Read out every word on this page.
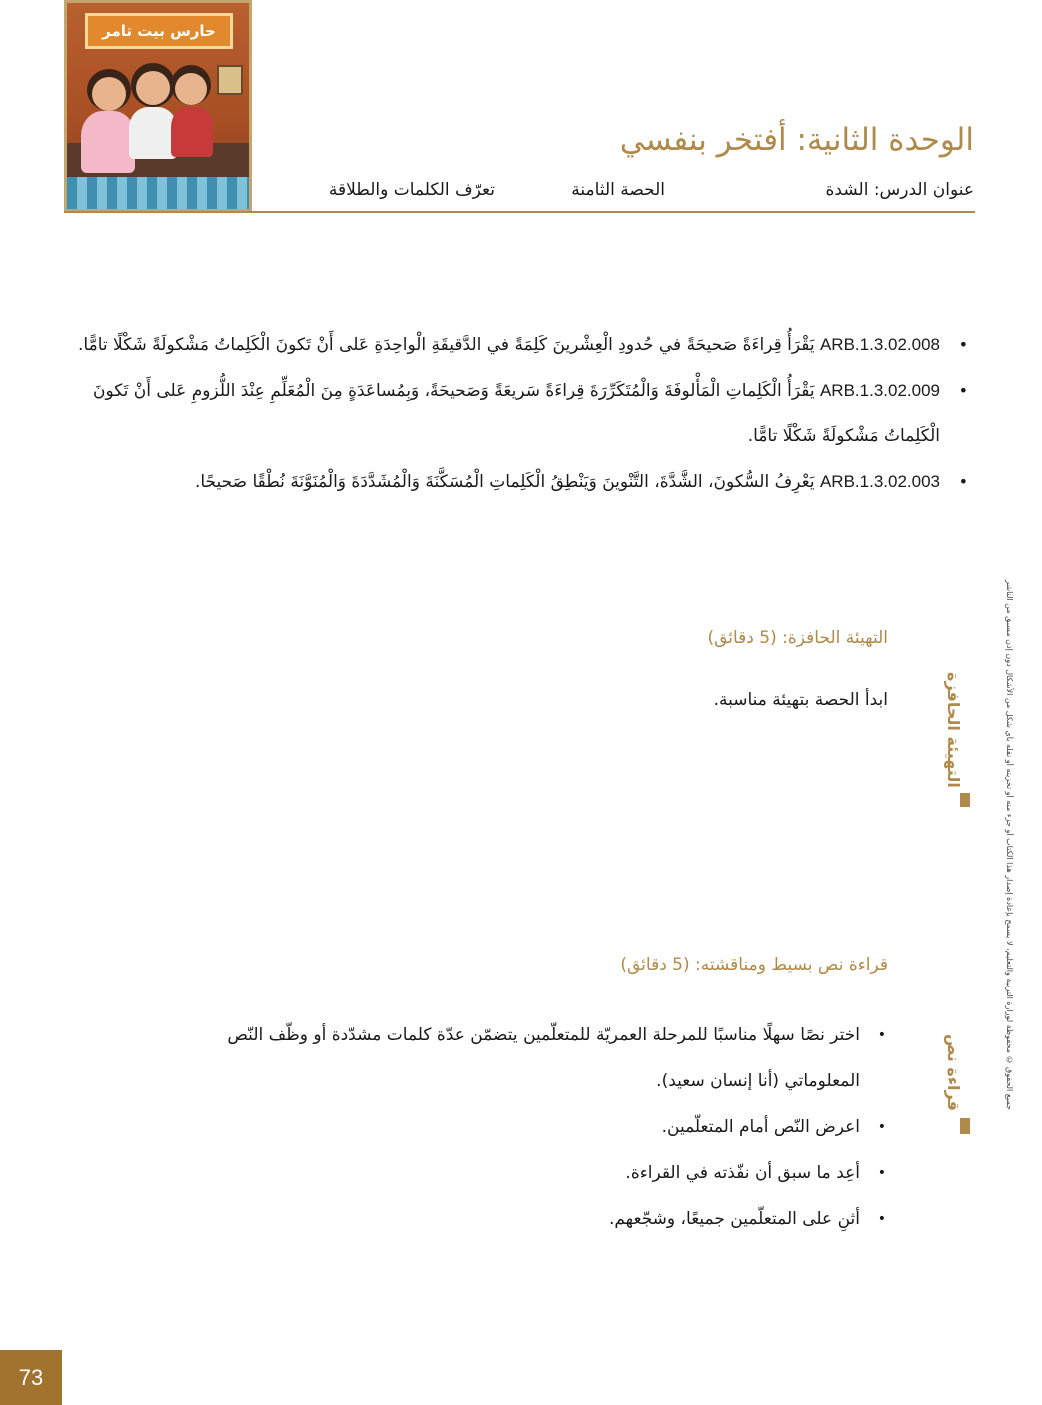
حارس بيت تامر
الوحدة الثانية: أفتخر بنفسي
عنوان الدرس: الشدة
الحصة الثامنة
تعرّف الكلمات والطلاقة
جميع الحقوق © محفوظة لوزارة التربية والتعليم، لا يسمح بإعادة إصدار هذا الكتاب أو جزء منه أو تخزينه أو نقله بأي شكل من الأشكال دون إذن مسبق من الناشر
•
ARB.1.3.02.008 يَقْرَأُ قِراءَةً صَحيحَةً في حُدودِ الْعِشْرينَ كَلِمَةً في الدَّقيقَةِ الْواحِدَةِ عَلى أَنْ تَكونَ الْكَلِماتُ مَشْكولَةً شَكْلًا تامًّا.
•
ARB.1.3.02.009 يَقْرَأُ الْكَلِماتِ الْمَأْلوفَةَ وَالْمُتَكَرِّرَةَ قِراءَةً سَريعَةً وَصَحيحَةً، وَبِمُساعَدَةٍ مِنَ الْمُعَلِّمِ عِنْدَ اللُّزومِ عَلى أَنْ تَكونَ الْكَلِماتُ مَشْكولَةً شَكْلًا تامًّا.
•
ARB.1.3.02.003 يَعْرِفُ السُّكونَ، الشَّدَّةَ، التَّنْوينَ وَيَنْطِقُ الْكَلِماتِ الْمُسَكَّنَةَ وَالْمُشَدَّدَةَ وَالْمُنَوَّنَةَ نُطْقًا صَحيحًا.
التهيئة الحافزة
التهيئة الحافزة: (5 دقائق)
ابدأ الحصة بتهيئة مناسبة.
قراءة نص
قراءة نص بسيط ومناقشته: (5 دقائق)
•
اختر نصًا سهلًا مناسبًا للمرحلة العمريّة للمتعلّمين يتضمّن عدّة كلمات مشدّدة أو وظّف النّص المعلوماتي (أنا إنسان سعيد).
•
اعرض النّص أمام المتعلّمين.
•
أعِد ما سبق أن نفّذته في القراءة.
•
أثنِ على المتعلّمين جميعًا، وشجّعهم.
73
